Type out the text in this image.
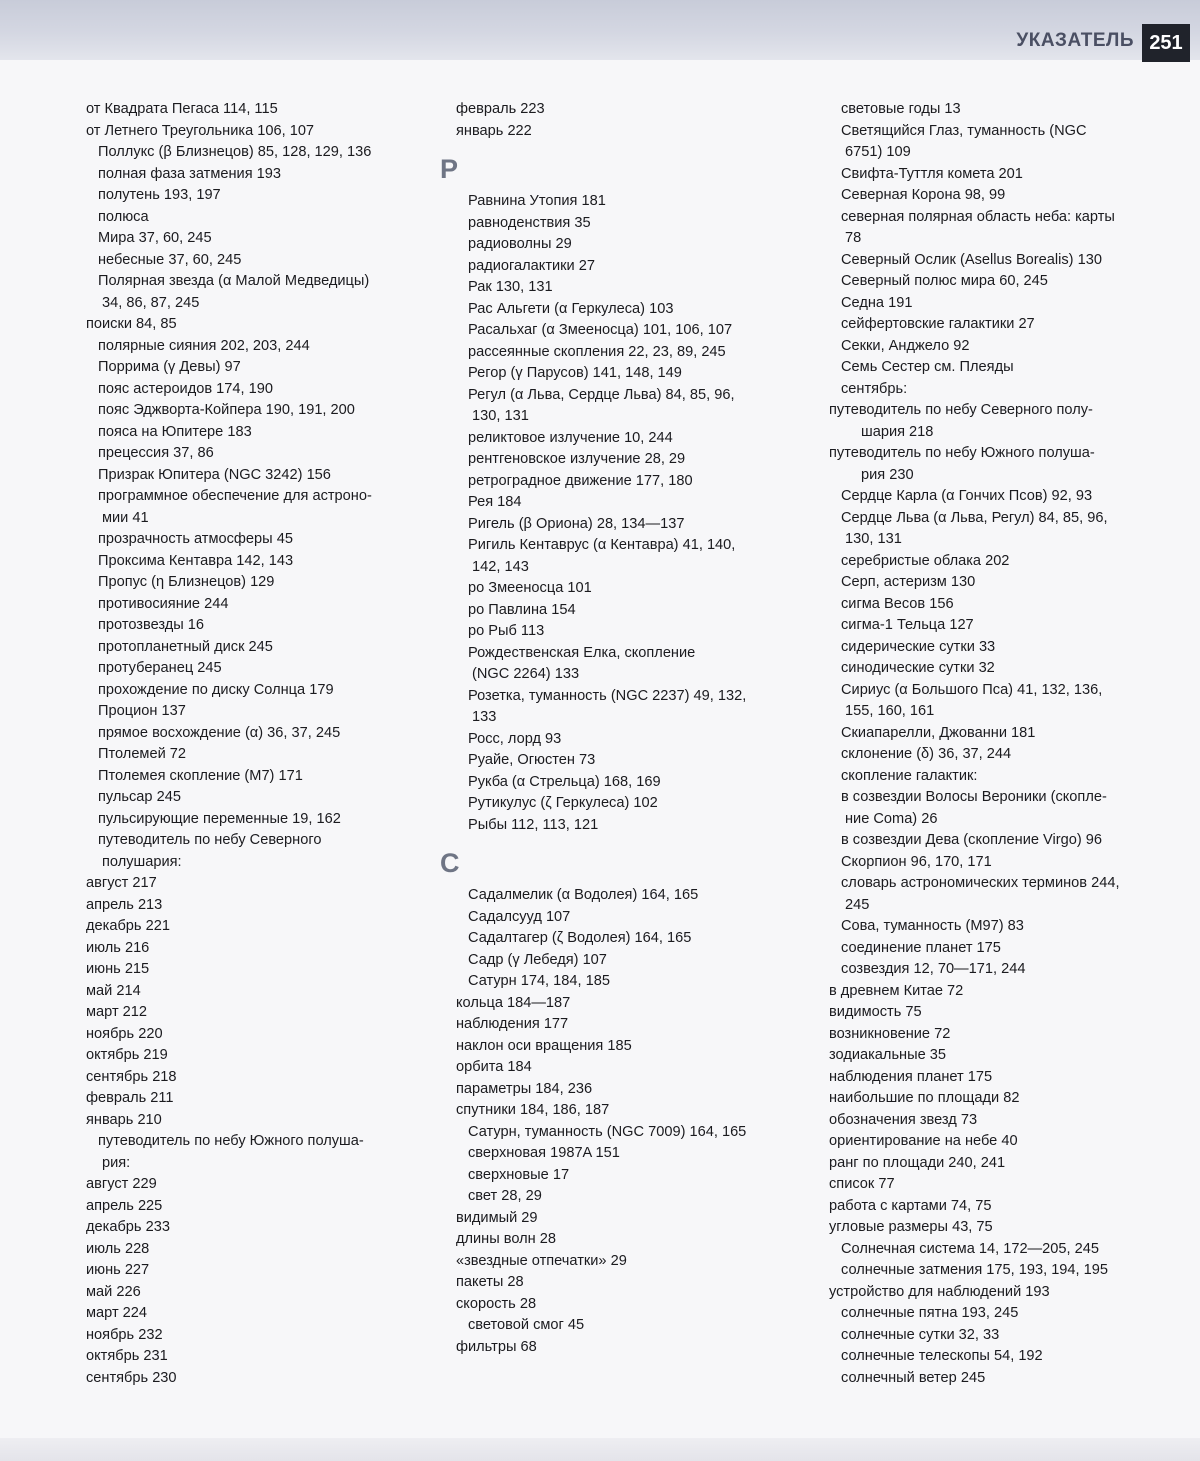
УКАЗАТЕЛЬ 251
от Квадрата Пегаса 114, 115
от Летнего Треугольника 106, 107
Поллукс (β Близнецов) 85, 128, 129, 136
полная фаза затмения 193
полутень 193, 197
полюса
Мира 37, 60, 245
небесные 37, 60, 245
Полярная звезда (α Малой Медведицы)
34, 86, 87, 245
поиски 84, 85
полярные сияния 202, 203, 244
Поррима (γ Девы) 97
пояс астероидов 174, 190
пояс Эджворта-Койпера 190, 191, 200
пояса на Юпитере 183
прецессия 37, 86
Призрак Юпитера (NGC 3242) 156
программное обеспечение для астроно-
мии 41
прозрачность атмосферы 45
Проксима Кентавра 142, 143
Пропус (η Близнецов) 129
противосияние 244
протозвезды 16
протопланетный диск 245
протуберанец 245
прохождение по диску Солнца 179
Процион 137
прямое восхождение (α) 36, 37, 245
Птолемей 72
Птолемея скопление (M7) 171
пульсар 245
пульсирующие переменные 19, 162
путеводитель по небу Северного
полушария:
август 217
апрель 213
декабрь 221
июль 216
июнь 215
май 214
март 212
ноябрь 220
октябрь 219
сентябрь 218
февраль 211
январь 210
путеводитель по небу Южного полуша-
рия:
август 229
апрель 225
декабрь 233
июль 228
июнь 227
май 226
март 224
ноябрь 232
октябрь 231
сентябрь 230
февраль 223
январь 222
Р
Равнина Утопия 181
равноденствия 35
радиоволны 29
радиогалактики 27
Рак 130, 131
Рас Альгети (α Геркулеса) 103
Расальхаг (α Змееносца) 101, 106, 107
рассеянные скопления 22, 23, 89, 245
Регор (γ Парусов) 141, 148, 149
Регул (α Льва, Сердце Льва) 84, 85, 96,
130, 131
реликтовое излучение 10, 244
рентгеновское излучение 28, 29
ретроградное движение 177, 180
Рея 184
Ригель (β Ориона) 28, 134—137
Ригиль Кентаврус (α Кентавра) 41, 140,
142, 143
ро Змееносца 101
ро Павлина 154
ро Рыб 113
Рождественская Елка, скопление
(NGC 2264) 133
Розетка, туманность (NGC 2237) 49, 132,
133
Росс, лорд 93
Руайе, Огюстен 73
Рукба (α Стрельца) 168, 169
Рутикулус (ζ Геркулеса) 102
Рыбы 112, 113, 121
С
Садалмелик (α Водолея) 164, 165
Садалсууд 107
Садалтагер (ζ Водолея) 164, 165
Садр (γ Лебедя) 107
Сатурн 174, 184, 185
кольца 184—187
наблюдения 177
наклон оси вращения 185
орбита 184
параметры 184, 236
спутники 184, 186, 187
Сатурн, туманность (NGC 7009) 164, 165
сверхновая 1987A 151
сверхновые 17
свет 28, 29
видимый 29
длины волн 28
«звездные отпечатки» 29
пакеты 28
скорость 28
световой смог 45
фильтры 68
световые годы 13
Светящийся Глаз, туманность (NGC
6751) 109
Свифта-Туттля комета 201
Северная Корона 98, 99
северная полярная область неба: карты
78
Северный Ослик (Asellus Borealis) 130
Северный полюс мира 60, 245
Седна 191
сейфертовские галактики 27
Секки, Анджело 92
Семь Сестер см. Плеяды
сентябрь:
путеводитель по небу Северного полу-
шария 218
путеводитель по небу Южного полуша-
рия 230
Сердце Карла (α Гончих Псов) 92, 93
Сердце Льва (α Льва, Регул) 84, 85, 96,
130, 131
серебристые облака 202
Серп, астеризм 130
сигма Весов 156
сигма-1 Тельца 127
сидерические сутки 33
синодические сутки 32
Сириус (α Большого Пса) 41, 132, 136,
155, 160, 161
Скиапарелли, Джованни 181
склонение (δ) 36, 37, 244
скопление галактик:
в созвездии Волосы Вероники (скопле-
ние Coma) 26
в созвездии Дева (скопление Virgo) 96
Скорпион 96, 170, 171
словарь астрономических терминов 244,
245
Сова, туманность (M97) 83
соединение планет 175
созвездия 12, 70—171, 244
в древнем Китае 72
видимость 75
возникновение 72
зодиакальные 35
наблюдения планет 175
наибольшие по площади 82
обозначения звезд 73
ориентирование на небе 40
ранг по площади 240, 241
список 77
работа с картами 74, 75
угловые размеры 43, 75
Солнечная система 14, 172—205, 245
солнечные затмения 175, 193, 194, 195
устройство для наблюдений 193
солнечные пятна 193, 245
солнечные сутки 32, 33
солнечные телескопы 54, 192
солнечный ветер 245
